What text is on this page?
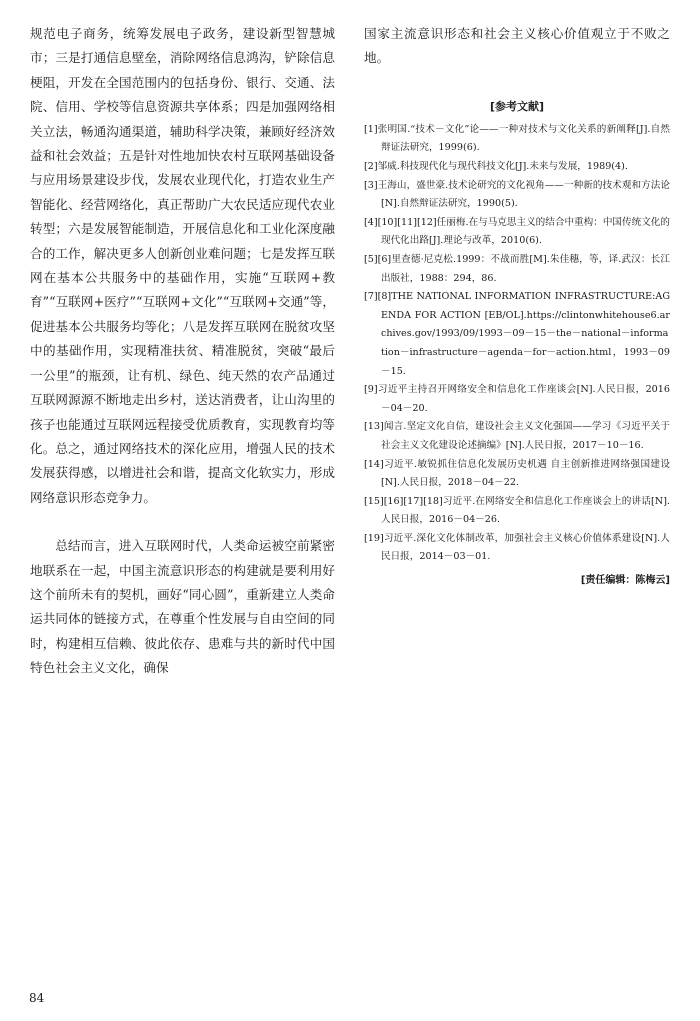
规范电子商务，统筹发展电子政务，建设新型智慧城市；三是打通信息壁垒，消除网络信息鸿沟，铲除信息梗阻，开发在全国范围内的包括身份、银行、交通、法院、信用、学校等信息资源共享体系；四是加强网络相关立法，畅通沟通渠道，辅助科学决策，兼顾好经济效益和社会效益；五是针对性地加快农村互联网基础设备与应用场景建设步伐，发展农业现代化，打造农业生产智能化、经营网络化，真正帮助广大农民适应现代农业转型；六是发展智能制造，开展信息化和工业化深度融合的工作，解决更多人创新创业难问题；七是发挥互联网在基本公共服务中的基础作用，实施“互联网+教育”“互联网+医疗”“互联网+文化”“互联网+交通”等，促进基本公共服务均等化；八是发挥互联网在脱贫攻坚中的基础作用，实现精准扶贫、精准脱贫，突破“最后一公里”的瓶颈，让有机、绿色、纯天然的农产品通过互联网源源不断地走出乡村，送达消费者，让山沟里的孩子也能通过互联网远程接受优质教育，实现教育均等化。总之，通过网络技术的深化应用，增强人民的技术发展获得感，以增进社会和谐，提高文化软实力，形成网络意识形态竞争力。

总结而言，进入互联网时代，人类命运被空前紧密地联系在一起，中国主流意识形态的构建就是要利用好这个前所未有的契机，画好“同心圆”，重新建立人类命运共同体的链接方式，在尊重个性发展与自由空间的同时，构建相互信赖、彼此依存、患难与共的新时代中国特色社会主义文化，确保

国家主流意识形态和社会主义核心价值观立于不败之地。

[参考文献]
[1]张明国.“技术－文化”论——一种对技术与文化关系的新阐释[J].自然辩证法研究，1999(6).
[2]邹威.科技现代化与现代科技文化[J].未来与发展，1989(4).
[3]王海山，盛世豪.技术论研究的文化视角——一种新的技术观和方法论[N].自然辩证法研究，1990(5).
[4][10][11][12]任丽梅.在与马克思主义的结合中重构：中国传统文化的现代化出路[J].理论与改革，2010(6).
[5][6]里查德·尼克松.1999：不战而胜[M].朱佳穗，等，译.武汉：长江出版社，1988：294，86.
[7][8]THE NATIONAL INFORMATION INFRASTRUCTURE:AGENDA FOR ACTION [EB/OL].https://clintonwhitehouse6.archives.gov/1993/09/1993－09－15－the－national－information－infrastructure－agenda－for－action.html，1993－09－15.
[9]习近平主持召开网络安全和信息化工作座谈会[N].人民日报，2016－04－20.
[13]闻言.坚定文化自信，建设社会主义文化强国——学习《习近平关于社会主义文化建设论述摘编》[N].人民日报，2017－10－16.
[14]习近平.敏锐抓住信息化发展历史机遇 自主创新推进网络强国建设[N].人民日报，2018－04－22.
[15][16][17][18]习近平.在网络安全和信息化工作座谈会上的讲话[N].人民日报，2016－04－26.
[19]习近平.深化文化体制改革，加强社会主义核心价值体系建设[N].人民日报，2014－03－01.
[责任编辑：陈梅云]
84
